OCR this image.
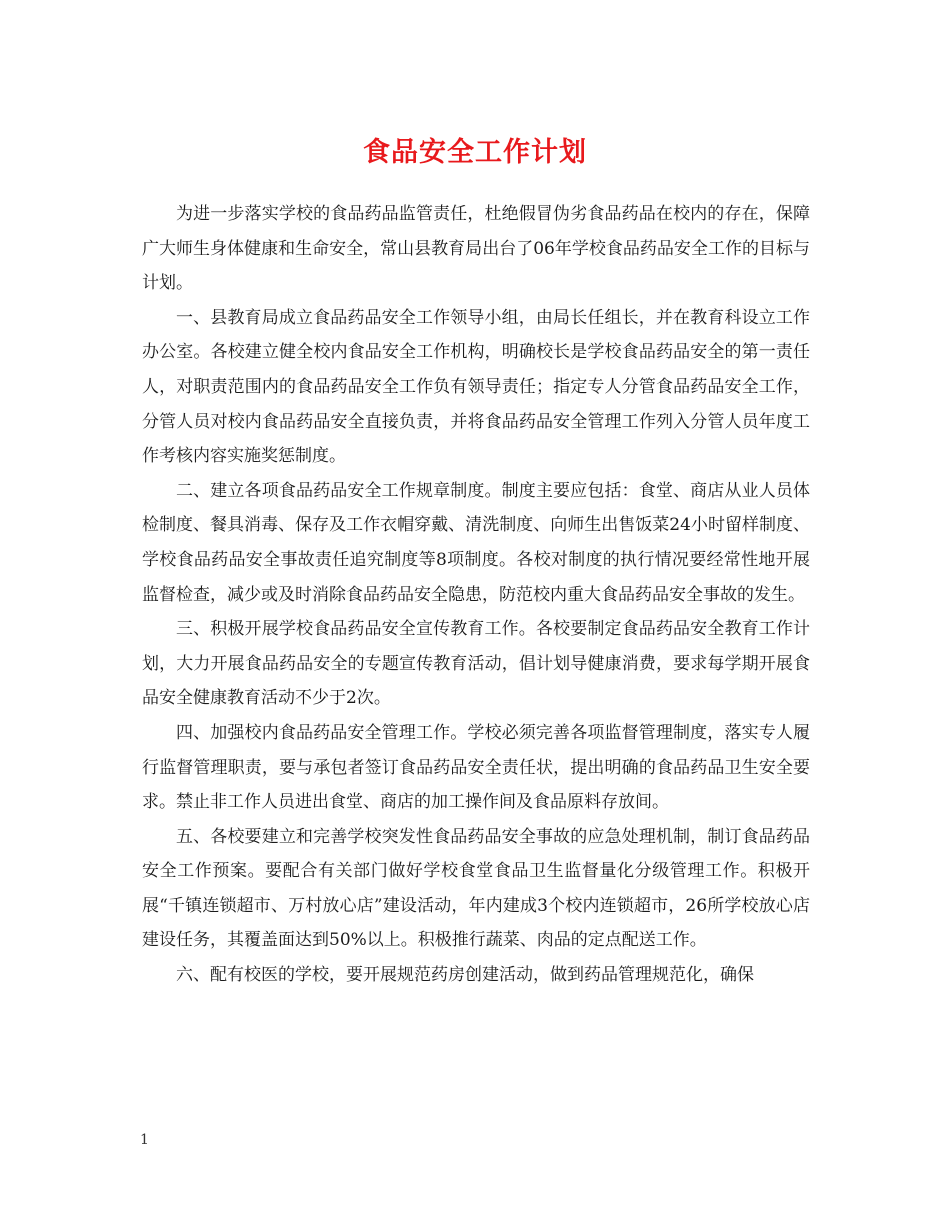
食品安全工作计划

为进一步落实学校的食品药品监管责任，杜绝假冒伪劣食品药品在校内的存在，保障广大师生身体健康和生命安全，常山县教育局出台了06年学校食品药品安全工作的目标与计划。

一、县教育局成立食品药品安全工作领导小组，由局长任组长，并在教育科设立工作办公室。各校建立健全校内食品安全工作机构，明确校长是学校食品药品安全的第一责任人，对职责范围内的食品药品安全工作负有领导责任；指定专人分管食品药品安全工作，分管人员对校内食品药品安全直接负责，并将食品药品安全管理工作列入分管人员年度工作考核内容实施奖惩制度。

二、建立各项食品药品安全工作规章制度。制度主要应包括：食堂、商店从业人员体检制度、餐具消毒、保存及工作衣帽穿戴、清洗制度、向师生出售饭菜24小时留样制度、学校食品药品安全事故责任追究制度等8项制度。各校对制度的执行情况要经常性地开展监督检查，减少或及时消除食品药品安全隐患，防范校内重大食品药品安全事故的发生。

三、积极开展学校食品药品安全宣传教育工作。各校要制定食品药品安全教育工作计划，大力开展食品药品安全的专题宣传教育活动，倡计划导健康消费，要求每学期开展食品安全健康教育活动不少于2次。

四、加强校内食品药品安全管理工作。学校必须完善各项监督管理制度，落实专人履行监督管理职责，要与承包者签订食品药品安全责任状，提出明确的食品药品卫生安全要求。禁止非工作人员进出食堂、商店的加工操作间及食品原料存放间。

五、各校要建立和完善学校突发性食品药品安全事故的应急处理机制，制订食品药品安全工作预案。要配合有关部门做好学校食堂食品卫生监督量化分级管理工作。积极开展“千镇连锁超市、万村放心店”建设活动，年内建成3个校内连锁超市，26所学校放心店建设任务，其覆盖面达到50%以上。积极推行蔬菜、肉品的定点配送工作。

六、配有校医的学校，要开展规范药房创建活动，做到药品管理规范化，确保

1
